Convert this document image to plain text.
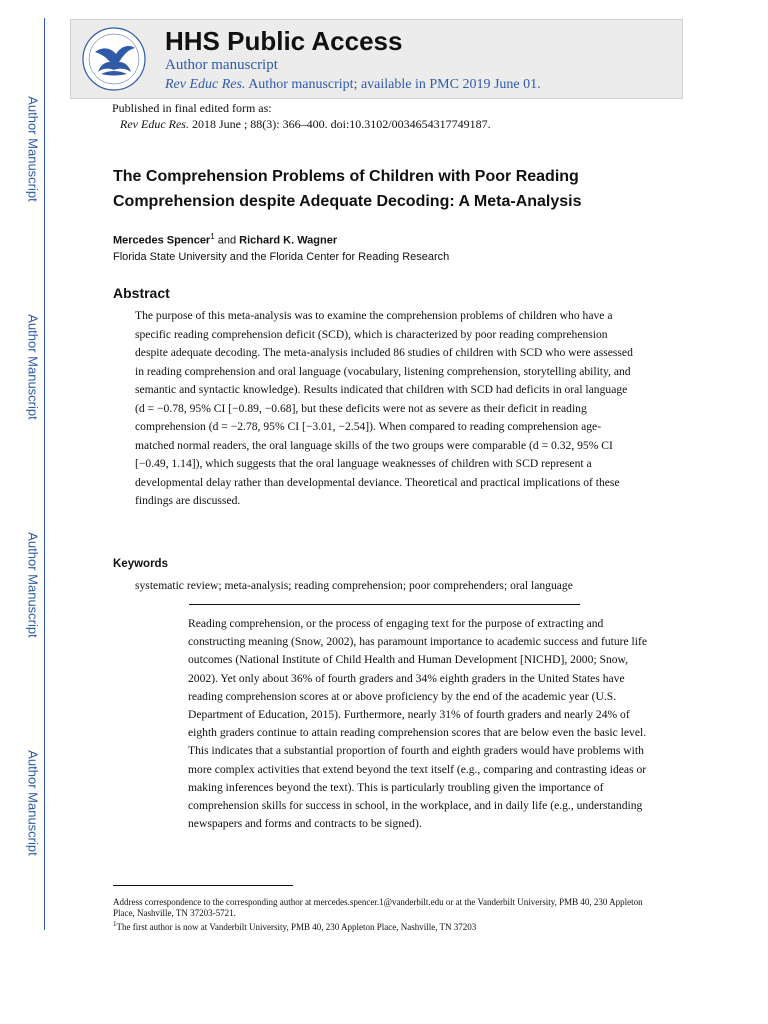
Author Manuscript
Author Manuscript
Author Manuscript
Author Manuscript
HHS Public Access
Author manuscript
Rev Educ Res. Author manuscript; available in PMC 2019 June 01.
Published in final edited form as:
Rev Educ Res. 2018 June ; 88(3): 366–400. doi:10.3102/0034654317749187.
The Comprehension Problems of Children with Poor Reading Comprehension despite Adequate Decoding: A Meta-Analysis
Mercedes Spencer$^1$ and Richard K. Wagner
Florida State University and the Florida Center for Reading Research
Abstract

The purpose of this meta-analysis was to examine the comprehension problems of children who have a specific reading comprehension deficit (SCD), which is characterized by poor reading comprehension despite adequate decoding. The meta-analysis included 86 studies of children with SCD who were assessed in reading comprehension and oral language (vocabulary, listening comprehension, storytelling ability, and semantic and syntactic knowledge). Results indicated that children with SCD had deficits in oral language (d = −0.78, 95% CI [−0.89, −0.68], but these deficits were not as severe as their deficit in reading comprehension (d = −2.78, 95% CI [−3.01, −2.54]). When compared to reading comprehension age-matched normal readers, the oral language skills of the two groups were comparable (d = 0.32, 95% CI [−0.49, 1.14]), which suggests that the oral language weaknesses of children with SCD represent a developmental delay rather than developmental deviance. Theoretical and practical implications of these findings are discussed.

Keywords
systematic review; meta-analysis; reading comprehension; poor comprehenders; oral language

Reading comprehension, or the process of engaging text for the purpose of extracting and constructing meaning (Snow, 2002), has paramount importance to academic success and future life outcomes (National Institute of Child Health and Human Development [NICHD], 2000; Snow, 2002). Yet only about 36% of fourth graders and 34% eighth graders in the United States have reading comprehension scores at or above proficiency by the end of the academic year (U.S. Department of Education, 2015). Furthermore, nearly 31% of fourth graders and nearly 24% of eighth graders continue to attain reading comprehension scores that are below even the basic level. This indicates that a substantial proportion of fourth and eighth graders would have problems with more complex activities that extend beyond the text itself (e.g., comparing and contrasting ideas or making inferences beyond the text). This is particularly troubling given the importance of comprehension skills for success in school, in the workplace, and in daily life (e.g., understanding newspapers and forms and contracts to be signed).

Address correspondence to the corresponding author at mercedes.spencer.1@vanderbilt.edu or at the Vanderbilt University, PMB 40, 230 Appleton Place, Nashville, TN 37203-5721.

$^1$The first author is now at Vanderbilt University, PMB 40, 230 Appleton Place, Nashville, TN 37203
